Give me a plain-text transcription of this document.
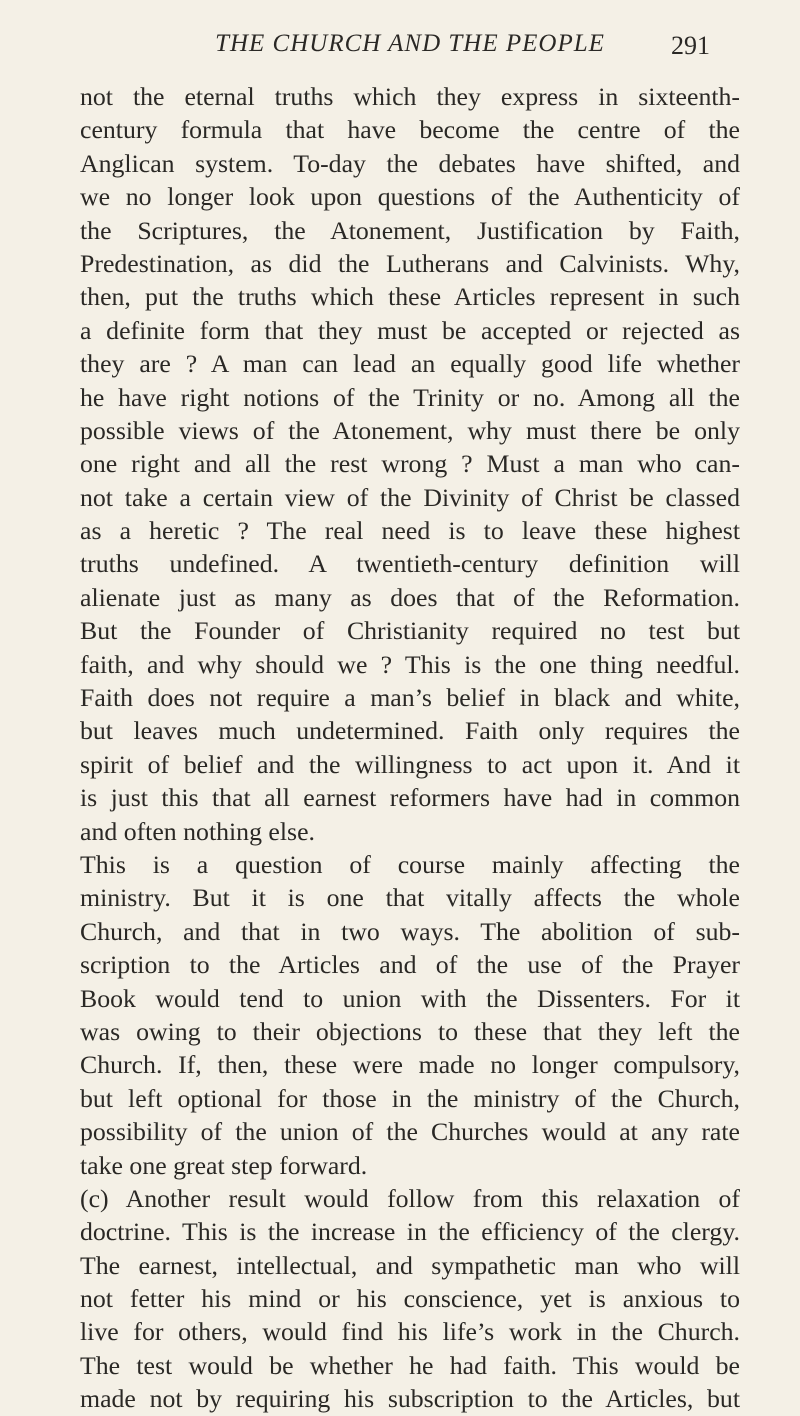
THE CHURCH AND THE PEOPLE	291
not the eternal truths which they express in sixteenth-
century formula that have become the centre of the
Anglican system. To-day the debates have shifted, and
we no longer look upon questions of the Authenticity of
the Scriptures, the Atonement, Justification by Faith,
Predestination, as did the Lutherans and Calvinists. Why,
then, put the truths which these Articles represent in such
a definite form that they must be accepted or rejected as
they are ? A man can lead an equally good life whether
he have right notions of the Trinity or no. Among all the
possible views of the Atonement, why must there be only
one right and all the rest wrong ? Must a man who can-
not take a certain view of the Divinity of Christ be classed
as a heretic ? The real need is to leave these highest
truths undefined. A twentieth-century definition will
alienate just as many as does that of the Reformation.
But the Founder of Christianity required no test but
faith, and why should we ? This is the one thing needful.
Faith does not require a man’s belief in black and white,
but leaves much undetermined. Faith only requires the
spirit of belief and the willingness to act upon it. And it
is just this that all earnest reformers have had in common
and often nothing else.
This is a question of course mainly affecting the
ministry. But it is one that vitally affects the whole
Church, and that in two ways. The abolition of sub-
scription to the Articles and of the use of the Prayer
Book would tend to union with the Dissenters. For it
was owing to their objections to these that they left the
Church. If, then, these were made no longer compulsory,
but left optional for those in the ministry of the Church,
possibility of the union of the Churches would at any rate
take one great step forward.
(c) Another result would follow from this relaxation of
doctrine. This is the increase in the efficiency of the clergy.
The earnest, intellectual, and sympathetic man who will
not fetter his mind or his conscience, yet is anxious to
live for others, would find his life’s work in the Church.
The test would be whether he had faith. This would be
made not by requiring his subscription to the Articles, but
